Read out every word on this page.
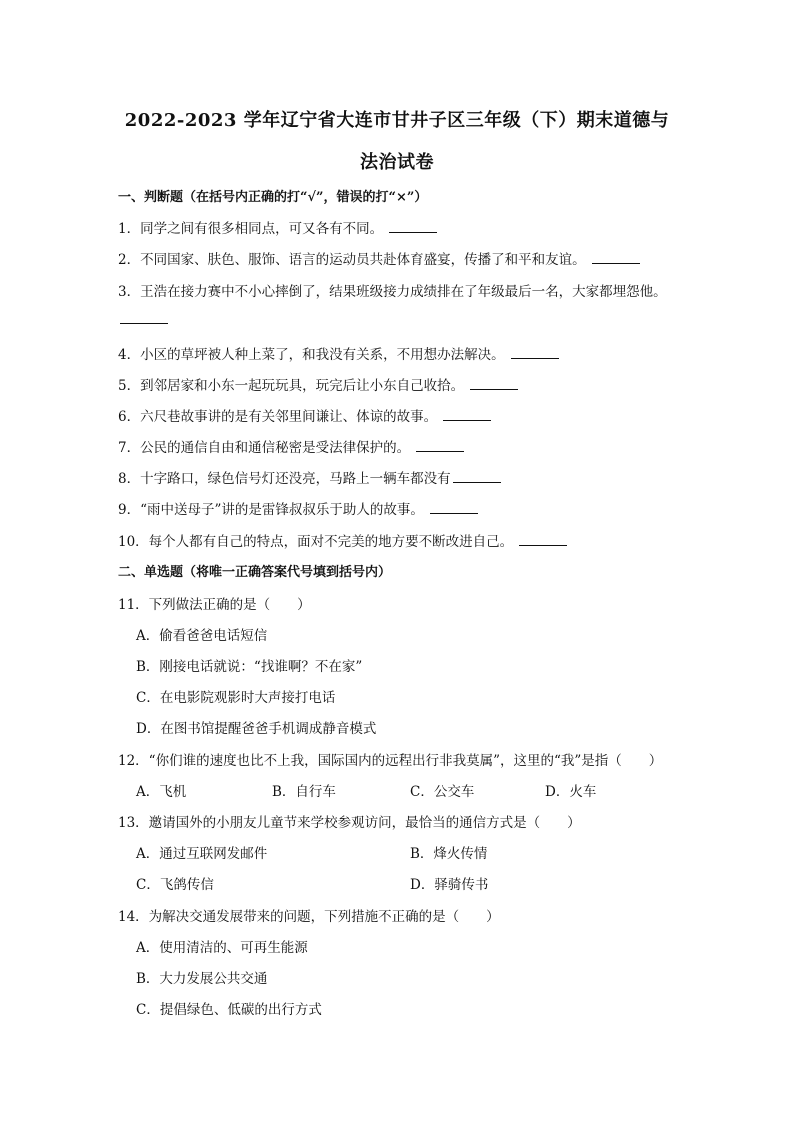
2022-2023 学年辽宁省大连市甘井子区三年级（下）期末道德与
法治试卷
一、判断题（在括号内正确的打“√”，错误的打“×”）
1．同学之间有很多相同点，可又各有不同。
2．不同国家、肤色、服饰、语言的运动员共赴体育盛宴，传播了和平和友谊。
3．王浩在接力赛中不小心摔倒了，结果班级接力成绩排在了年级最后一名，大家都埋怨他。
4．小区的草坪被人种上菜了，和我没有关系，不用想办法解决。
5．到邻居家和小东一起玩玩具，玩完后让小东自己收拾。
6．六尺巷故事讲的是有关邻里间谦让、体谅的故事。
7．公民的通信自由和通信秘密是受法律保护的。
8．十字路口，绿色信号灯还没亮，马路上一辆车都没有
9．“雨中送母子”讲的是雷锋叔叔乐于助人的故事。
10．每个人都有自己的特点，面对不完美的地方要不断改进自己。
二、单选题（将唯一正确答案代号填到括号内）
11．下列做法正确的是（　　）
A．偷看爸爸电话短信
B．刚接电话就说：“找谁啊？不在家”
C．在电影院观影时大声接打电话
D．在图书馆提醒爸爸手机调成静音模式
12．“你们谁的速度也比不上我，国际国内的远程出行非我莫属”，这里的“我”是指（　　）
A．飞机	B．自行车	C．公交车	D．火车
13．邀请国外的小朋友儿童节来学校参观访问，最恰当的通信方式是（　　）
A．通过互联网发邮件	B．烽火传情
C．飞鸽传信	D．驿骑传书
14．为解决交通发展带来的问题，下列措施不正确的是（　　）
A．使用清洁的、可再生能源
B．大力发展公共交通
C．提倡绿色、低碳的出行方式
